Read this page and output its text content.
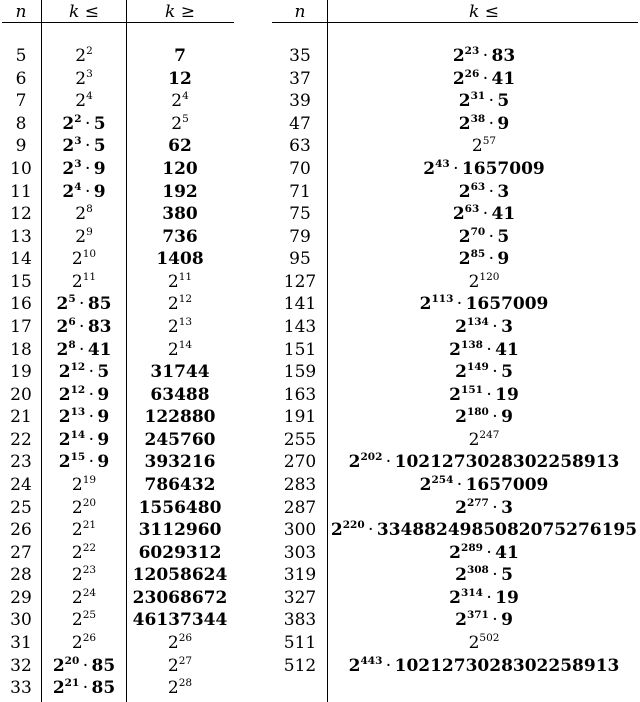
n	k ≤	k ≥	n	k ≤
5	$2^2$	7
6	$2^3$	12
7	$2^4$	$2^4$
8	$2^2 \cdot 5$	$2^5$
9	$2^3 \cdot 5$	62
10	$2^3 \cdot 9$	120
11	$2^4 \cdot 9$	192
12	$2^8$	380
13	$2^9$	736
14	$2^{10}$	1408
15	$2^{11}$	$2^{11}$
16	$2^5 \cdot 85$	$2^{12}$
17	$2^6 \cdot 83$	$2^{13}$
18	$2^8 \cdot 41$	$2^{14}$
19	$2^{12} \cdot 5$	31744
20	$2^{12} \cdot 9$	63488
21	$2^{13} \cdot 9$	122880
22	$2^{14} \cdot 9$	245760
23	$2^{15} \cdot 9$	393216
24	$2^{19}$	786432
25	$2^{20}$	1556480
26	$2^{21}$	3112960
27	$2^{22}$	6029312
28	$2^{23}$	12058624
29	$2^{24}$	23068672
30	$2^{25}$	46137344
31	$2^{26}$	$2^{26}$
32	$2^{20} \cdot 85$	$2^{27}$
33	$2^{21} \cdot 85$	$2^{28}$
35	$2^{23} \cdot 83$
37	$2^{26} \cdot 41$
39	$2^{31} \cdot 5$
47	$2^{38} \cdot 9$
63	$2^{57}$
70	$2^{43} \cdot 1657009$
71	$2^{63} \cdot 3$
75	$2^{63} \cdot 41$
79	$2^{70} \cdot 5$
95	$2^{85} \cdot 9$
127	$2^{120}$
141	$2^{113} \cdot 1657009$
143	$2^{134} \cdot 3$
151	$2^{138} \cdot 41$
159	$2^{149} \cdot 5$
163	$2^{151} \cdot 19$
191	$2^{180} \cdot 9$
255	$2^{247}$
270	$2^{202} \cdot 1021273028302258913$
283	$2^{254} \cdot 1657009$
287	$2^{277} \cdot 3$
300 $2^{220} \cdot 3348824985082075276195$
303	$2^{289} \cdot 41$
319	$2^{308} \cdot 5$
327	$2^{314} \cdot 19$
383	$2^{371} \cdot 9$
511	$2^{502}$
512	$2^{443} \cdot 1021273028302258913$
